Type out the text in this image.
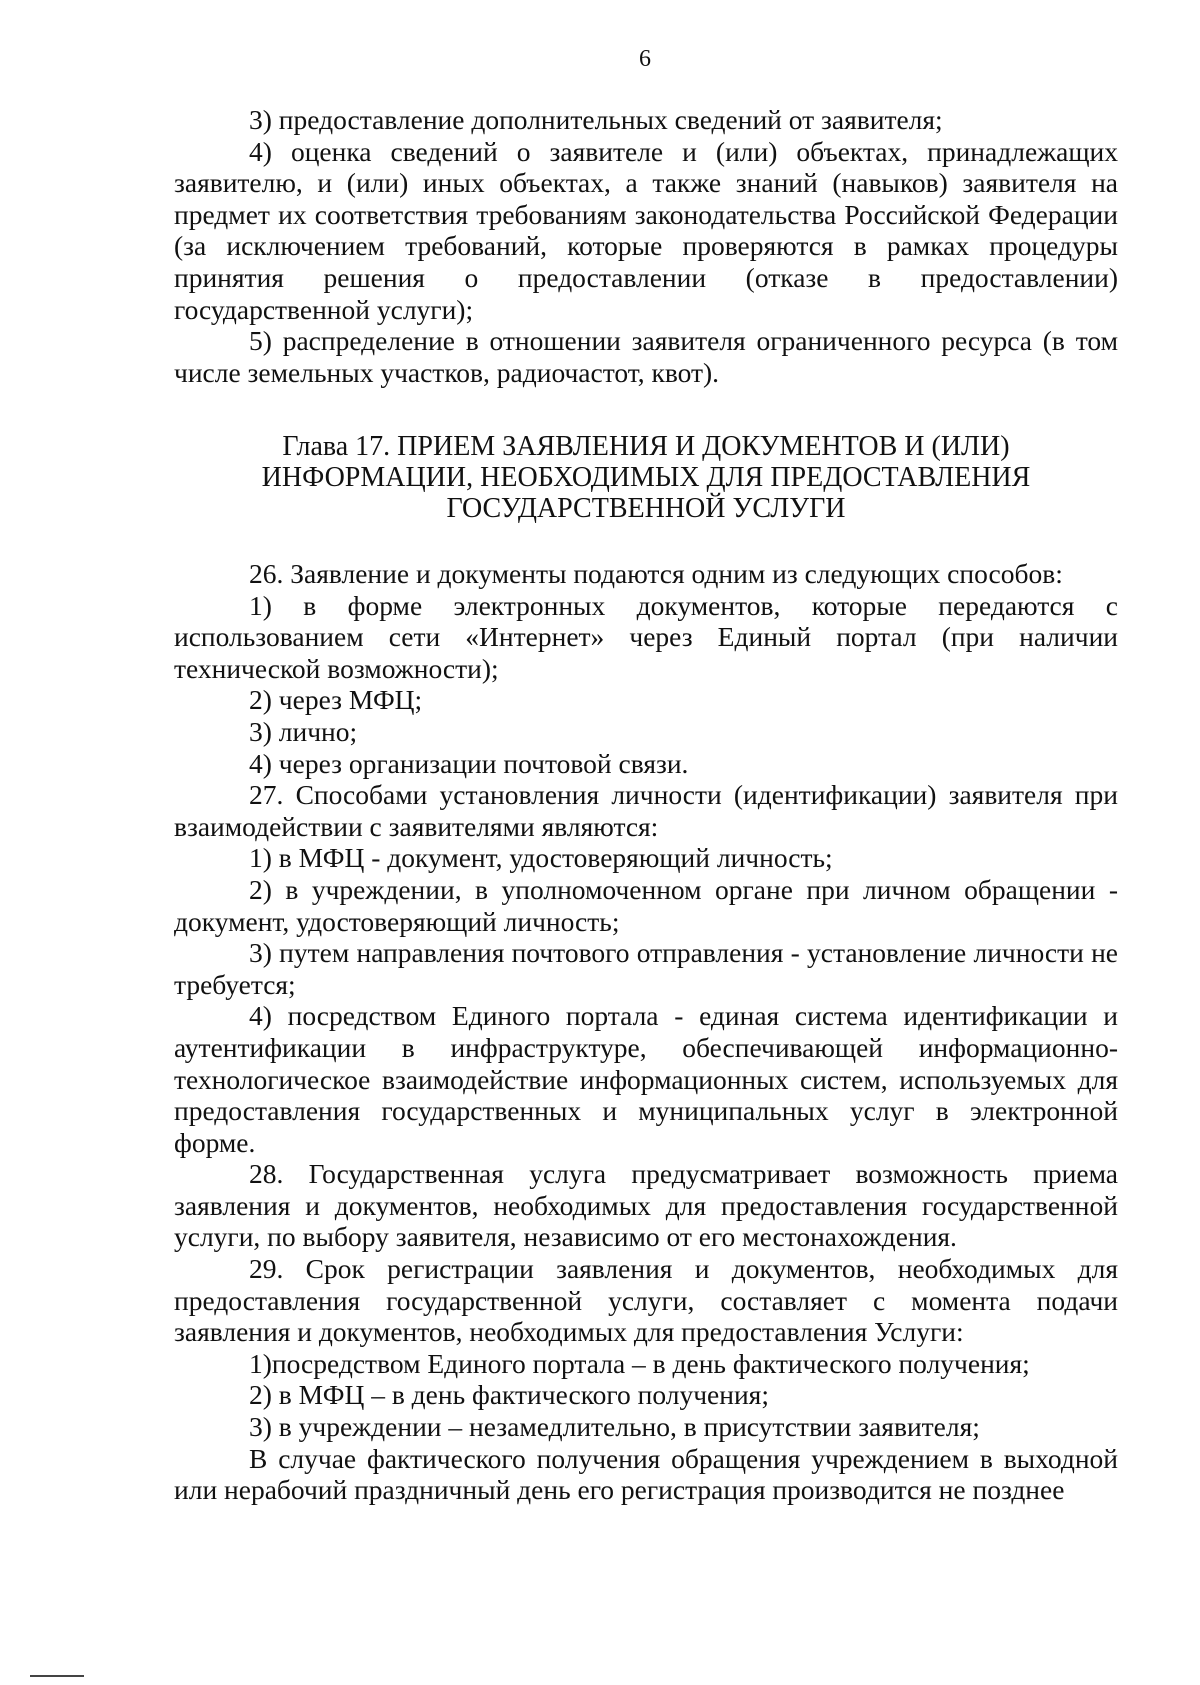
6

3) предоставление дополнительных сведений от заявителя;

4) оценка сведений о заявителе и (или) объектах, принадлежащих заявителю, и (или) иных объектах, а также знаний (навыков) заявителя на предмет их соответствия требованиям законодательства Российской Федерации (за исключением требований, которые проверяются в рамках процедуры принятия решения о предоставлении (отказе в предоставлении) государственной услуги);

5) распределение в отношении заявителя ограниченного ресурса (в том числе земельных участков, радиочастот, квот).

Глава 17. ПРИЕМ ЗАЯВЛЕНИЯ И ДОКУМЕНТОВ И (ИЛИ)
ИНФОРМАЦИИ, НЕОБХОДИМЫХ ДЛЯ ПРЕДОСТАВЛЕНИЯ
ГОСУДАРСТВЕННОЙ УСЛУГИ

26. Заявление и документы подаются одним из следующих способов:

1) в форме электронных документов, которые передаются с использованием сети «Интернет» через Единый портал (при наличии технической возможности);

2) через МФЦ;

3) лично;

4) через организации почтовой связи.

27. Способами установления личности (идентификации) заявителя при взаимодействии с заявителями являются:

1) в МФЦ - документ, удостоверяющий личность;

2) в учреждении, в уполномоченном органе при личном обращении - документ, удостоверяющий личность;

3) путем направления почтового отправления - установление личности не требуется;

4) посредством Единого портала - единая система идентификации и аутентификации в инфраструктуре, обеспечивающей информационно-технологическое взаимодействие информационных систем, используемых для предоставления государственных и муниципальных услуг в электронной форме.

28. Государственная услуга предусматривает возможность приема заявления и документов, необходимых для предоставления государственной услуги, по выбору заявителя, независимо от его местонахождения.

29. Срок регистрации заявления и документов, необходимых для предоставления государственной услуги, составляет с момента подачи заявления и документов, необходимых для предоставления Услуги:

1)посредством Единого портала – в день фактического получения;

2) в МФЦ – в день фактического получения;

3) в учреждении – незамедлительно, в присутствии заявителя;

В случае фактического получения обращения учреждением в выходной или нерабочий праздничный день его регистрация производится не позднее
